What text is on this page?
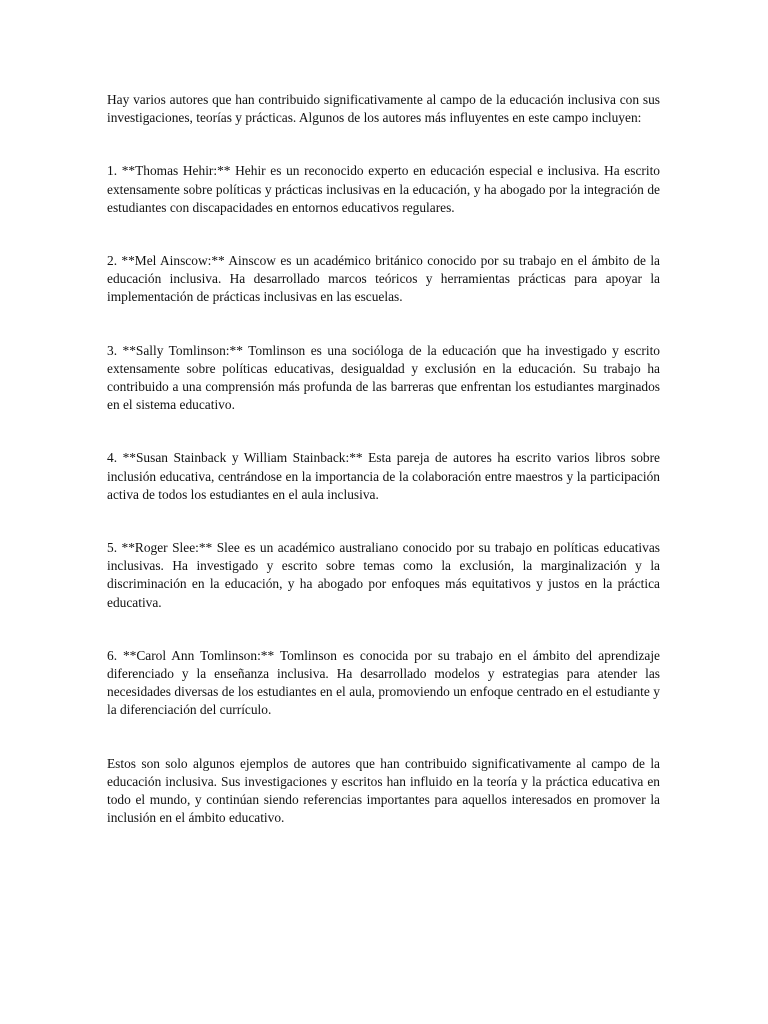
Hay varios autores que han contribuido significativamente al campo de la educación inclusiva con sus investigaciones, teorías y prácticas. Algunos de los autores más influyentes en este campo incluyen:

1. **Thomas Hehir:** Hehir es un reconocido experto en educación especial e inclusiva. Ha escrito extensamente sobre políticas y prácticas inclusivas en la educación, y ha abogado por la integración de estudiantes con discapacidades en entornos educativos regulares.

2. **Mel Ainscow:** Ainscow es un académico británico conocido por su trabajo en el ámbito de la educación inclusiva. Ha desarrollado marcos teóricos y herramientas prácticas para apoyar la implementación de prácticas inclusivas en las escuelas.

3. **Sally Tomlinson:** Tomlinson es una socióloga de la educación que ha investigado y escrito extensamente sobre políticas educativas, desigualdad y exclusión en la educación. Su trabajo ha contribuido a una comprensión más profunda de las barreras que enfrentan los estudiantes marginados en el sistema educativo.

4. **Susan Stainback y William Stainback:** Esta pareja de autores ha escrito varios libros sobre inclusión educativa, centrándose en la importancia de la colaboración entre maestros y la participación activa de todos los estudiantes en el aula inclusiva.

5. **Roger Slee:** Slee es un académico australiano conocido por su trabajo en políticas educativas inclusivas. Ha investigado y escrito sobre temas como la exclusión, la marginalización y la discriminación en la educación, y ha abogado por enfoques más equitativos y justos en la práctica educativa.

6. **Carol Ann Tomlinson:** Tomlinson es conocida por su trabajo en el ámbito del aprendizaje diferenciado y la enseñanza inclusiva. Ha desarrollado modelos y estrategias para atender las necesidades diversas de los estudiantes en el aula, promoviendo un enfoque centrado en el estudiante y la diferenciación del currículo.

Estos son solo algunos ejemplos de autores que han contribuido significativamente al campo de la educación inclusiva. Sus investigaciones y escritos han influido en la teoría y la práctica educativa en todo el mundo, y continúan siendo referencias importantes para aquellos interesados en promover la inclusión en el ámbito educativo.
